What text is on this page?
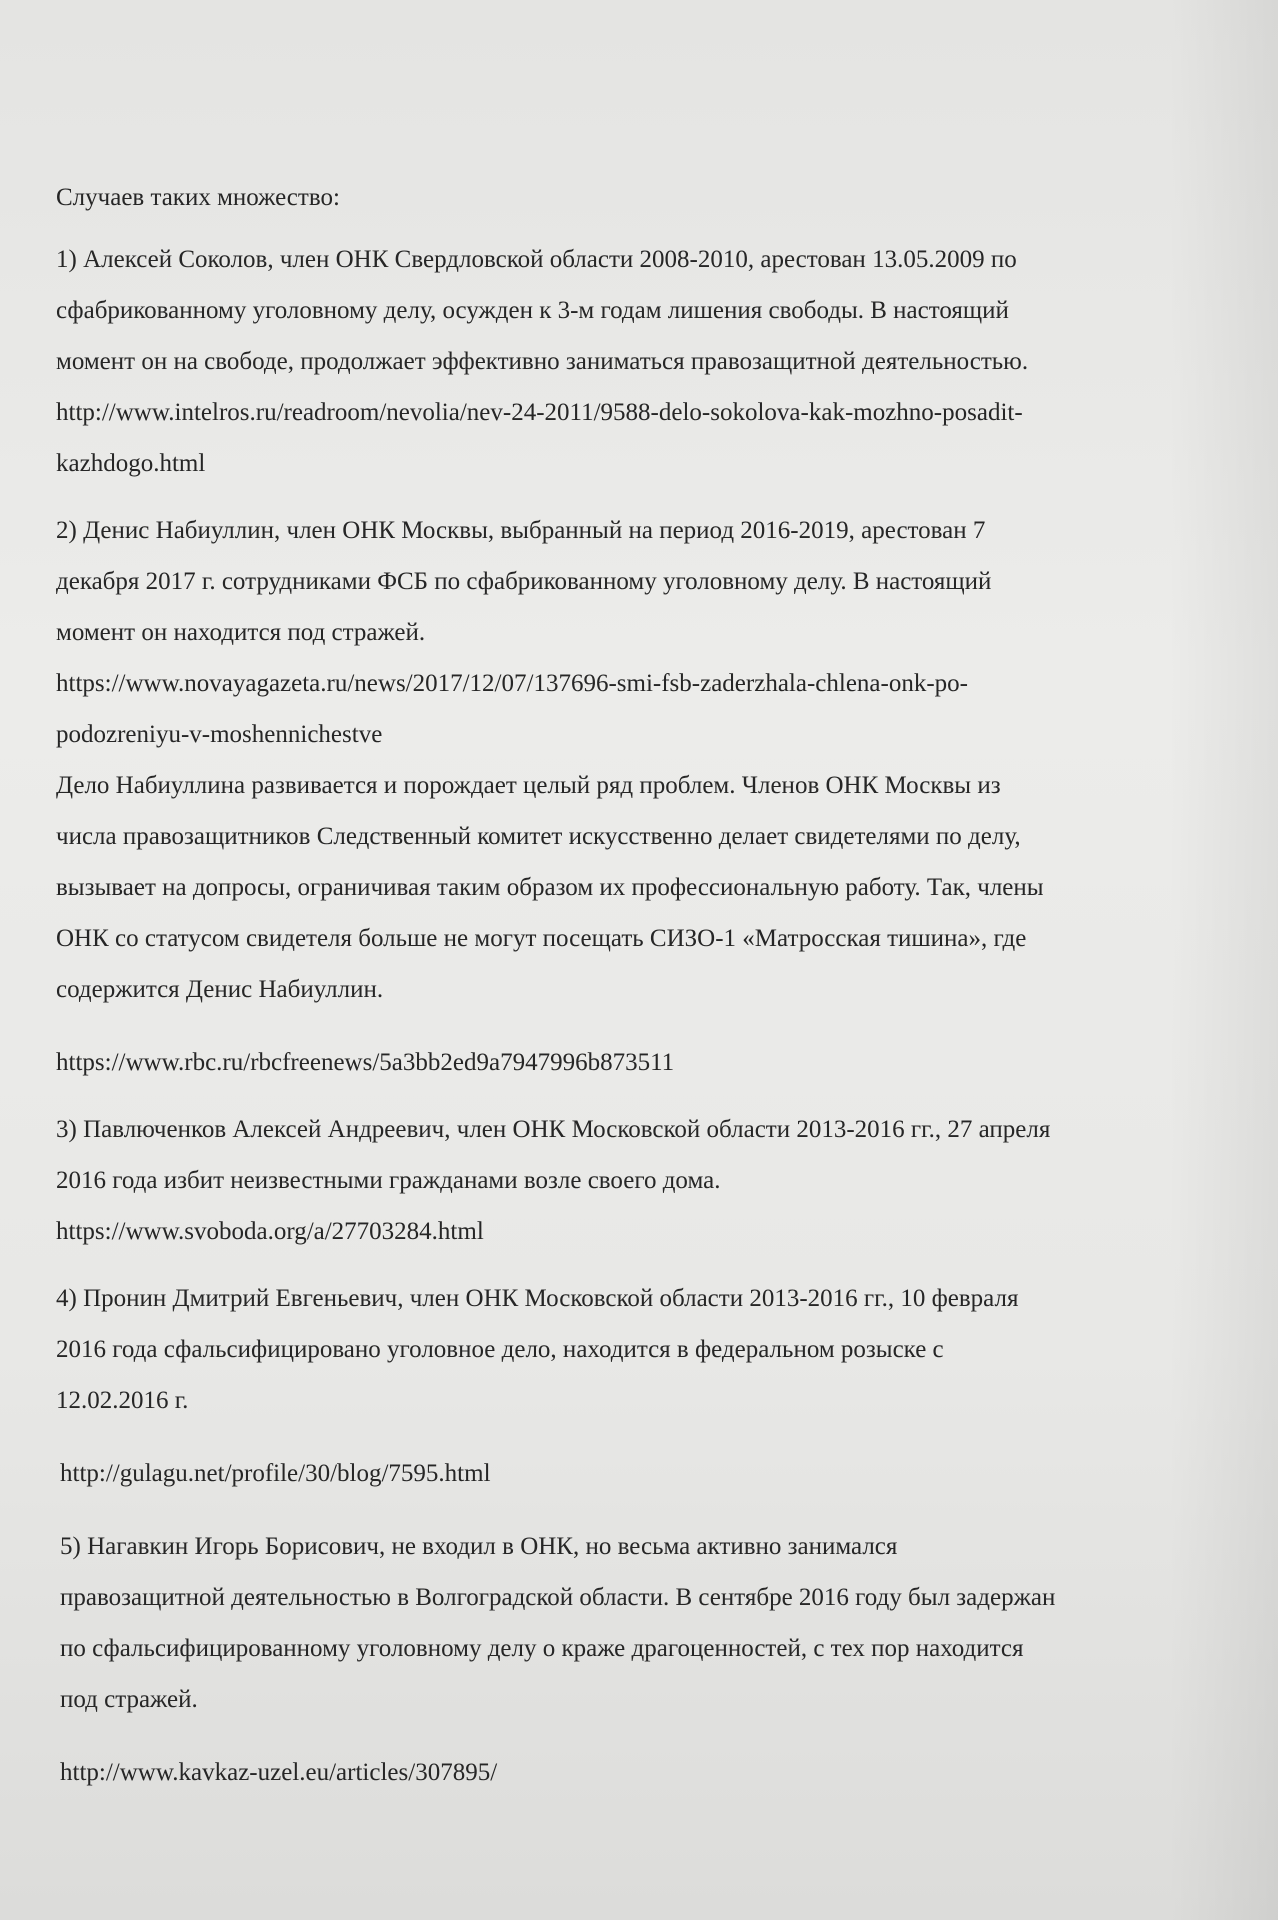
Случаев таких множество:

1) Алексей Соколов, член ОНК Свердловской области 2008-2010, арестован 13.05.2009 по
сфабрикованному уголовному делу, осужден к 3-м годам лишения свободы. В настоящий
момент он на свободе, продолжает эффективно заниматься правозащитной деятельностью.
http://www.intelros.ru/readroom/nevolia/nev-24-2011/9588-delo-sokolova-kak-mozhno-posadit-
kazhdogo.html

2) Денис Набиуллин, член ОНК Москвы, выбранный на период 2016-2019, арестован 7
декабря 2017 г. сотрудниками ФСБ по сфабрикованному уголовному делу. В настоящий
момент он находится под стражей.
https://www.novayagazeta.ru/news/2017/12/07/137696-smi-fsb-zaderzhala-chlena-onk-po-
podozreniyu-v-moshennichestve
Дело Набиуллина развивается и порождает целый ряд проблем. Членов ОНК Москвы из
числа правозащитников Следственный комитет искусственно делает свидетелями по делу,
вызывает на допросы, ограничивая таким образом их профессиональную работу. Так, члены
ОНК со статусом свидетеля больше не могут посещать СИЗО-1 «Матросская тишина», где
содержится Денис Набиуллин.

https://www.rbc.ru/rbcfreenews/5a3bb2ed9a7947996b873511

3) Павлюченков Алексей Андреевич, член ОНК Московской области 2013-2016 гг., 27 апреля
2016 года избит неизвестными гражданами возле своего дома.
https://www.svoboda.org/a/27703284.html

4) Пронин Дмитрий Евгеньевич, член ОНК Московской области 2013-2016 гг., 10 февраля
2016 года сфальсифицировано уголовное дело, находится в федеральном розыске с
12.02.2016 г.

http://gulagu.net/profile/30/blog/7595.html

5) Нагавкин Игорь Борисович, не входил в ОНК, но весьма активно занимался
правозащитной деятельностью в Волгоградской области. В сентябре 2016 году был задержан
по сфальсифицированному уголовному делу о краже драгоценностей, с тех пор находится
под стражей.

http://www.kavkaz-uzel.eu/articles/307895/
